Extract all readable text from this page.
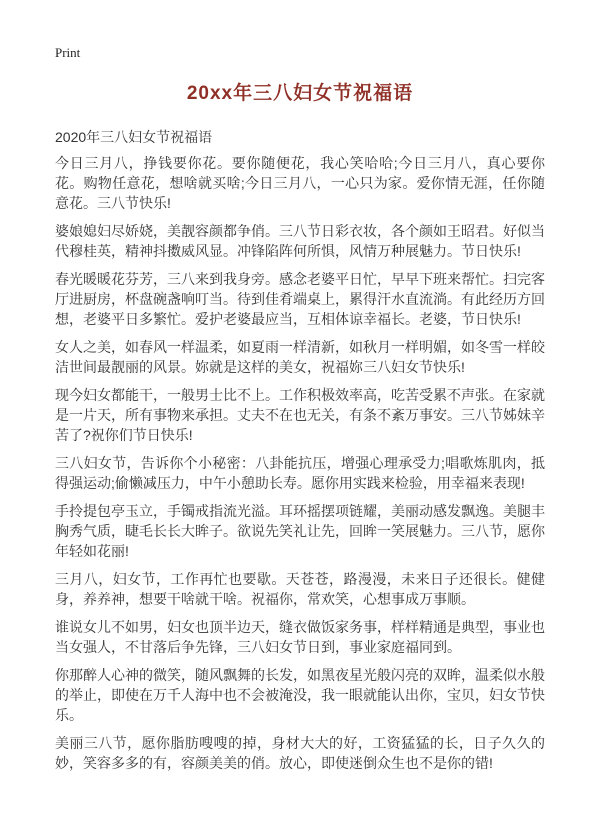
Print
20xx年三八妇女节祝福语
2020年三八妇女节祝福语

今日三月八，挣钱要你花。要你随便花，我心笑哈哈;今日三月八，真心要你花。购物任意花，想啥就买啥;今日三月八，一心只为家。爱你情无涯，任你随意花。三八节快乐!

婆娘媳妇尽娇娆，美靓容颜都争俏。三八节日彩衣妆，各个颜如王昭君。好似当代穆桂英，精神抖擞威风显。冲锋陷阵何所惧，风情万种展魅力。节日快乐!

春光暖暖花芬芳，三八来到我身旁。感念老婆平日忙，早早下班来帮忙。扫完客厅进厨房，杯盘碗盏响叮当。待到佳肴端桌上，累得汗水直流淌。有此经历方回想，老婆平日多繁忙。爱护老婆最应当，互相体谅幸福长。老婆，节日快乐!

女人之美，如春风一样温柔，如夏雨一样清新，如秋月一样明媚，如冬雪一样皎洁世间最靓丽的风景。妳就是这样的美女，祝福妳三八妇女节快乐!

现今妇女都能干，一般男士比不上。工作积极效率高，吃苦受累不声张。在家就是一片天，所有事物来承担。丈夫不在也无关，有条不紊万事安。三八节姊妹辛苦了?祝你们节日快乐!

三八妇女节，告诉你个小秘密：八卦能抗压，增强心理承受力;唱歌炼肌肉，抵得强运动;偷懒减压力，中午小憩助长寿。愿你用实践来检验，用幸福来表现!

手拎提包亭玉立，手镯戒指流光溢。耳环摇摆项链耀，美丽动感发飘逸。美腿丰胸秀气质，睫毛长长大眸子。欲说先笑礼让先，回眸一笑展魅力。三八节，愿你年轻如花丽!

三月八，妇女节，工作再忙也要歇。天苍苍，路漫漫，未来日子还很长。健健身，养养神，想要干啥就干啥。祝福你，常欢笑，心想事成万事顺。

谁说女儿不如男，妇女也顶半边天，缝衣做饭家务事，样样精通是典型，事业也当女强人，不甘落后争先锋，三八妇女节日到，事业家庭福同到。

你那醉人心神的微笑，随风飘舞的长发，如黑夜星光般闪亮的双眸，温柔似水般的举止，即使在万千人海中也不会被淹没，我一眼就能认出你，宝贝，妇女节快乐。

美丽三八节，愿你脂肪嗖嗖的掉，身材大大的好，工资猛猛的长，日子久久的妙，笑容多多的有，容颜美美的俏。放心，即使迷倒众生也不是你的错!
